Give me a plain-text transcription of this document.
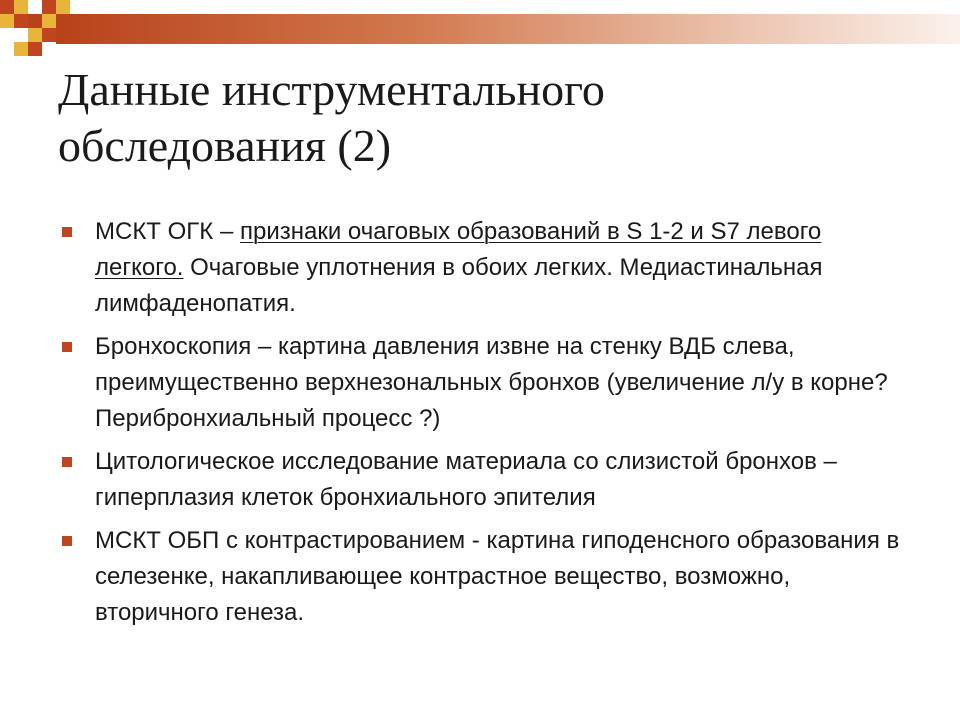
Данные инструментального
обследования (2)
МСКТ ОГК – признаки очаговых образований в S 1-2 и S7 левого легкого. Очаговые уплотнения в обоих легких. Медиастинальная лимфаденопатия.
Бронхоскопия – картина давления извне на стенку ВДБ слева, преимущественно верхнезональных бронхов (увеличение л/у в корне? Перибронхиальный процесс ?)
Цитологическое исследование материала со слизистой бронхов –гиперплазия клеток бронхиального эпителия
МСКТ ОБП с контрастированием - картина гиподенсного образования в селезенке, накапливающее контрастное вещество, возможно, вторичного генеза.
